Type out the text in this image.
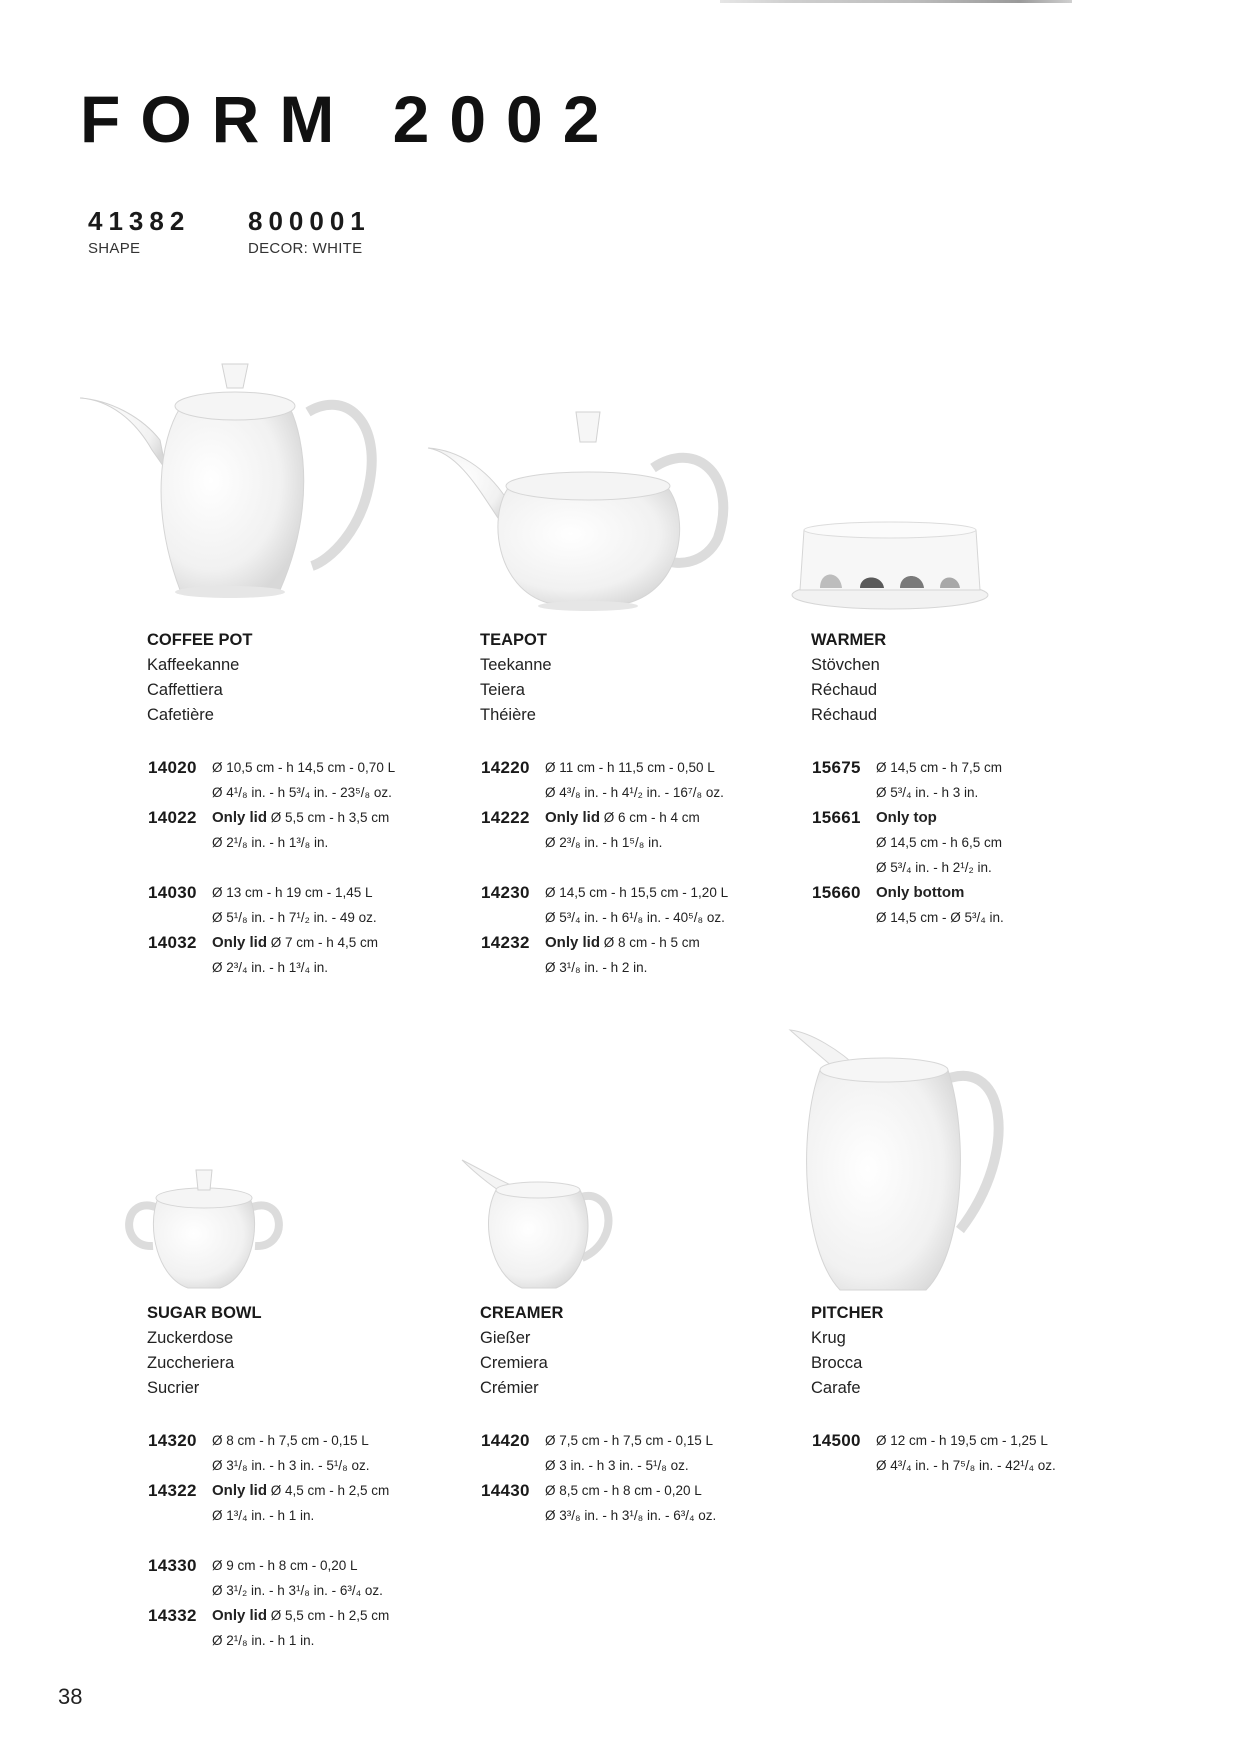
FORM 2002
41382
SHAPE
800001
DECOR: WHITE
COFFEE POT
Kaffeekanne
Caffettiera
Cafetière
TEAPOT
Teekanne
Teiera
Théière
WARMER
Stövchen
Réchaud
Réchaud
SUGAR BOWL
Zuckerdose
Zuccheriera
Sucrier
CREAMER
Gießer
Cremiera
Crémier
PITCHER
Krug
Brocca
Carafe
14020 Ø 10,5 cm - h 14,5 cm - 0,70 L
Ø 4¹/₈ in. - h 5³/₄ in. - 23⁵/₈ oz.
14022 Only lid Ø 5,5 cm - h 3,5 cm
Ø 2¹/₈ in. - h 1³/₈ in.
14030 Ø 13 cm - h 19 cm - 1,45 L
Ø 5¹/₈ in. - h 7¹/₂ in. - 49 oz.
14032 Only lid Ø 7 cm - h 4,5 cm
Ø 2³/₄ in. - h 1³/₄ in.
14220 Ø 11 cm - h 11,5 cm - 0,50 L
Ø 4³/₈ in. - h 4¹/₂ in. - 16⁷/₈ oz.
14222 Only lid Ø 6 cm - h 4 cm
Ø 2³/₈ in. - h 1⁵/₈ in.
14230 Ø 14,5 cm - h 15,5 cm - 1,20 L
Ø 5³/₄ in. - h 6¹/₈ in. - 40⁵/₈ oz.
14232 Only lid Ø 8 cm - h 5 cm
Ø 3¹/₈ in. - h 2 in.
15675 Ø 14,5 cm - h 7,5 cm
Ø 5³/₄ in. - h 3 in.
15661 Only top
Ø 14,5 cm - h 6,5 cm
Ø 5³/₄ in. - h 2¹/₂ in.
15660 Only bottom
Ø 14,5 cm - Ø 5³/₄ in.
14320 Ø 8 cm - h 7,5 cm - 0,15 L
Ø 3¹/₈ in. - h 3 in. - 5¹/₈ oz.
14322 Only lid Ø 4,5 cm - h 2,5 cm
Ø 1³/₄ in. - h 1 in.
14330 Ø 9 cm - h 8 cm - 0,20 L
Ø 3¹/₂ in. - h 3¹/₈ in. - 6³/₄ oz.
14332 Only lid Ø 5,5 cm - h 2,5 cm
Ø 2¹/₈ in. - h 1 in.
14420 Ø 7,5 cm - h 7,5 cm - 0,15 L
Ø 3 in. - h 3 in. - 5¹/₈ oz.
14430 Ø 8,5 cm - h 8 cm - 0,20 L
Ø 3³/₈ in. - h 3¹/₈ in. - 6³/₄ oz.
14500 Ø 12 cm - h 19,5 cm - 1,25 L
Ø 4³/₄ in. - h 7⁵/₈ in. - 42¹/₄ oz.
38
